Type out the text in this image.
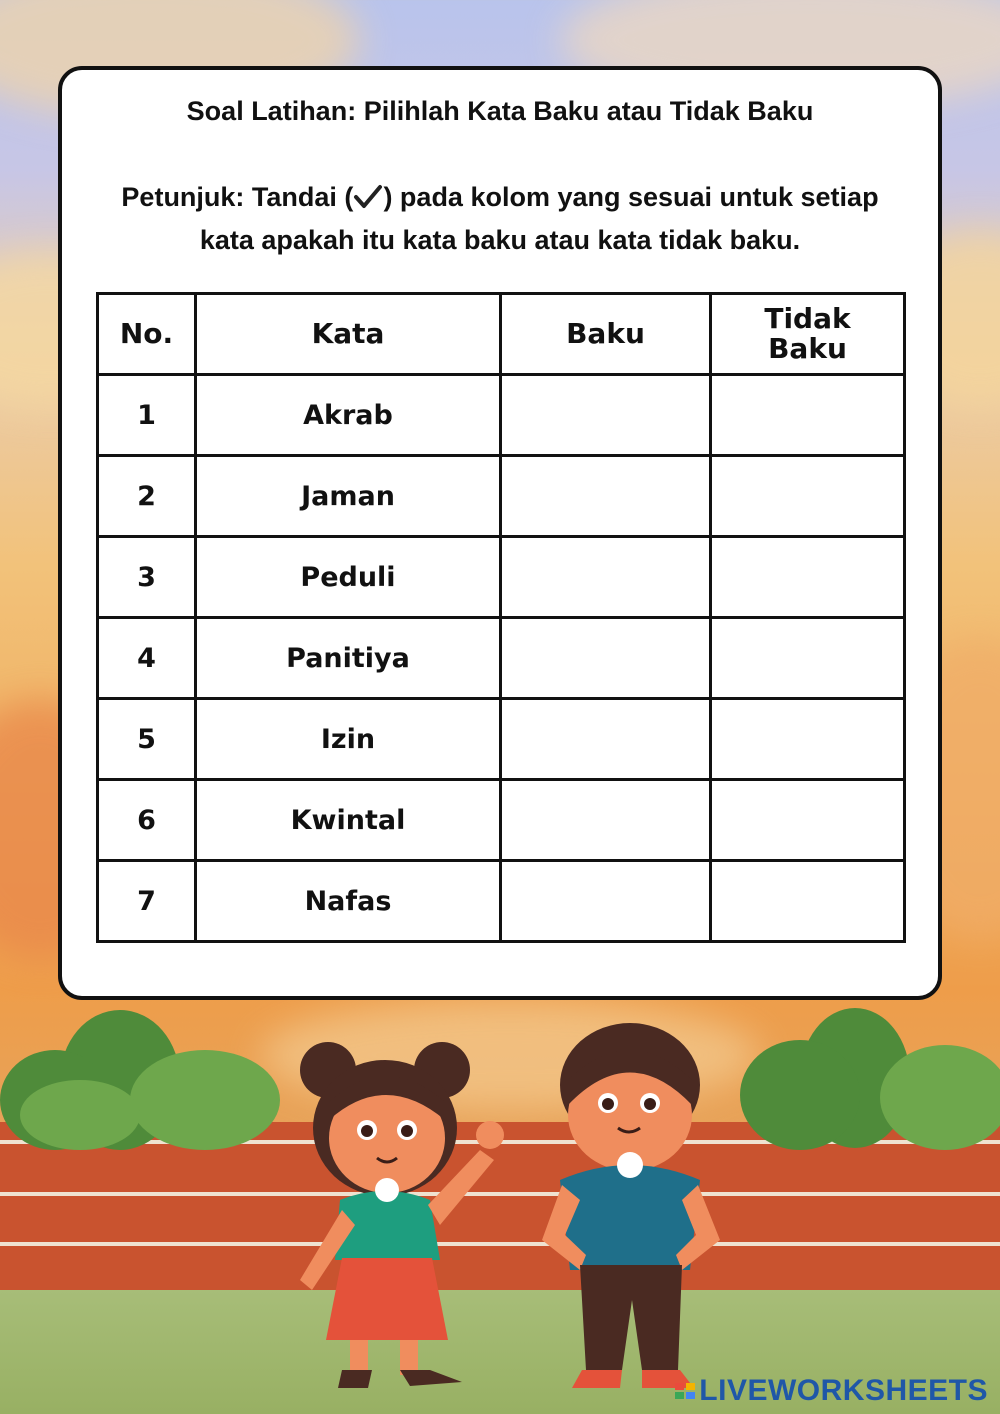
Soal Latihan: Pilihlah Kata Baku atau Tidak Baku
Petunjuk: Tandai ( ) pada kolom yang sesuai untuk setiap kata apakah itu kata baku atau kata tidak baku.
No.	Kata	Baku	Tidak Baku
1	Akrab		
2	Jaman		
3	Peduli		
4	Panitiya		
5	Izin		
6	Kwintal		
7	Nafas		
LIVEWORKSHEETS
